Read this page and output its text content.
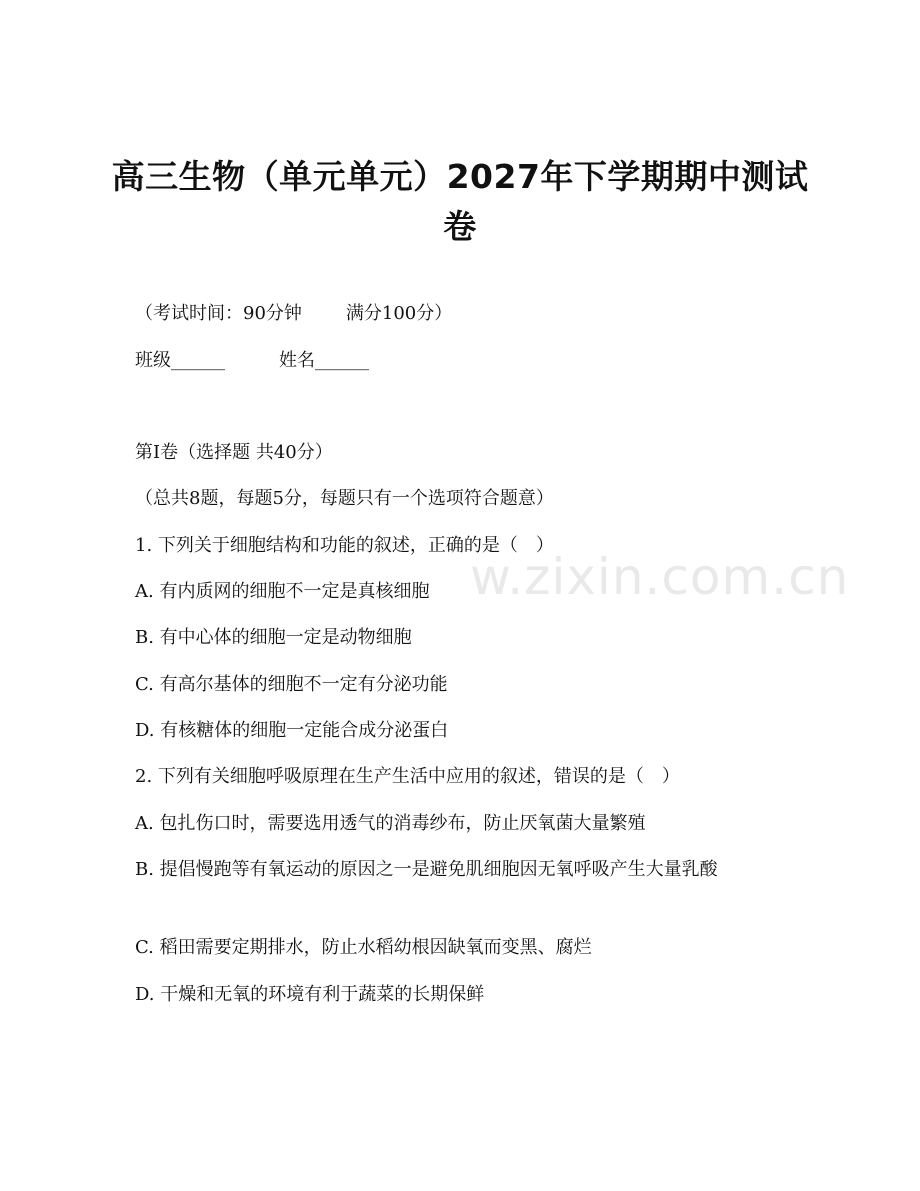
w.zixin.com.cn
高三生物（单元单元）2027年下学期期中测试卷
（考试时间：90分钟 满分100分）
班级______	姓名______
第I卷（选择题 共40分）
（总共8题，每题5分，每题只有一个选项符合题意）
1. 下列关于细胞结构和功能的叙述，正确的是（　）
A. 有内质网的细胞不一定是真核细胞
B. 有中心体的细胞一定是动物细胞
C. 有高尔基体的细胞不一定有分泌功能
D. 有核糖体的细胞一定能合成分泌蛋白
2. 下列有关细胞呼吸原理在生产生活中应用的叙述，错误的是（　）
A. 包扎伤口时，需要选用透气的消毒纱布，防止厌氧菌大量繁殖
B. 提倡慢跑等有氧运动的原因之一是避免肌细胞因无氧呼吸产生大量乳酸
C. 稻田需要定期排水，防止水稻幼根因缺氧而变黑、腐烂
D. 干燥和无氧的环境有利于蔬菜的长期保鲜
